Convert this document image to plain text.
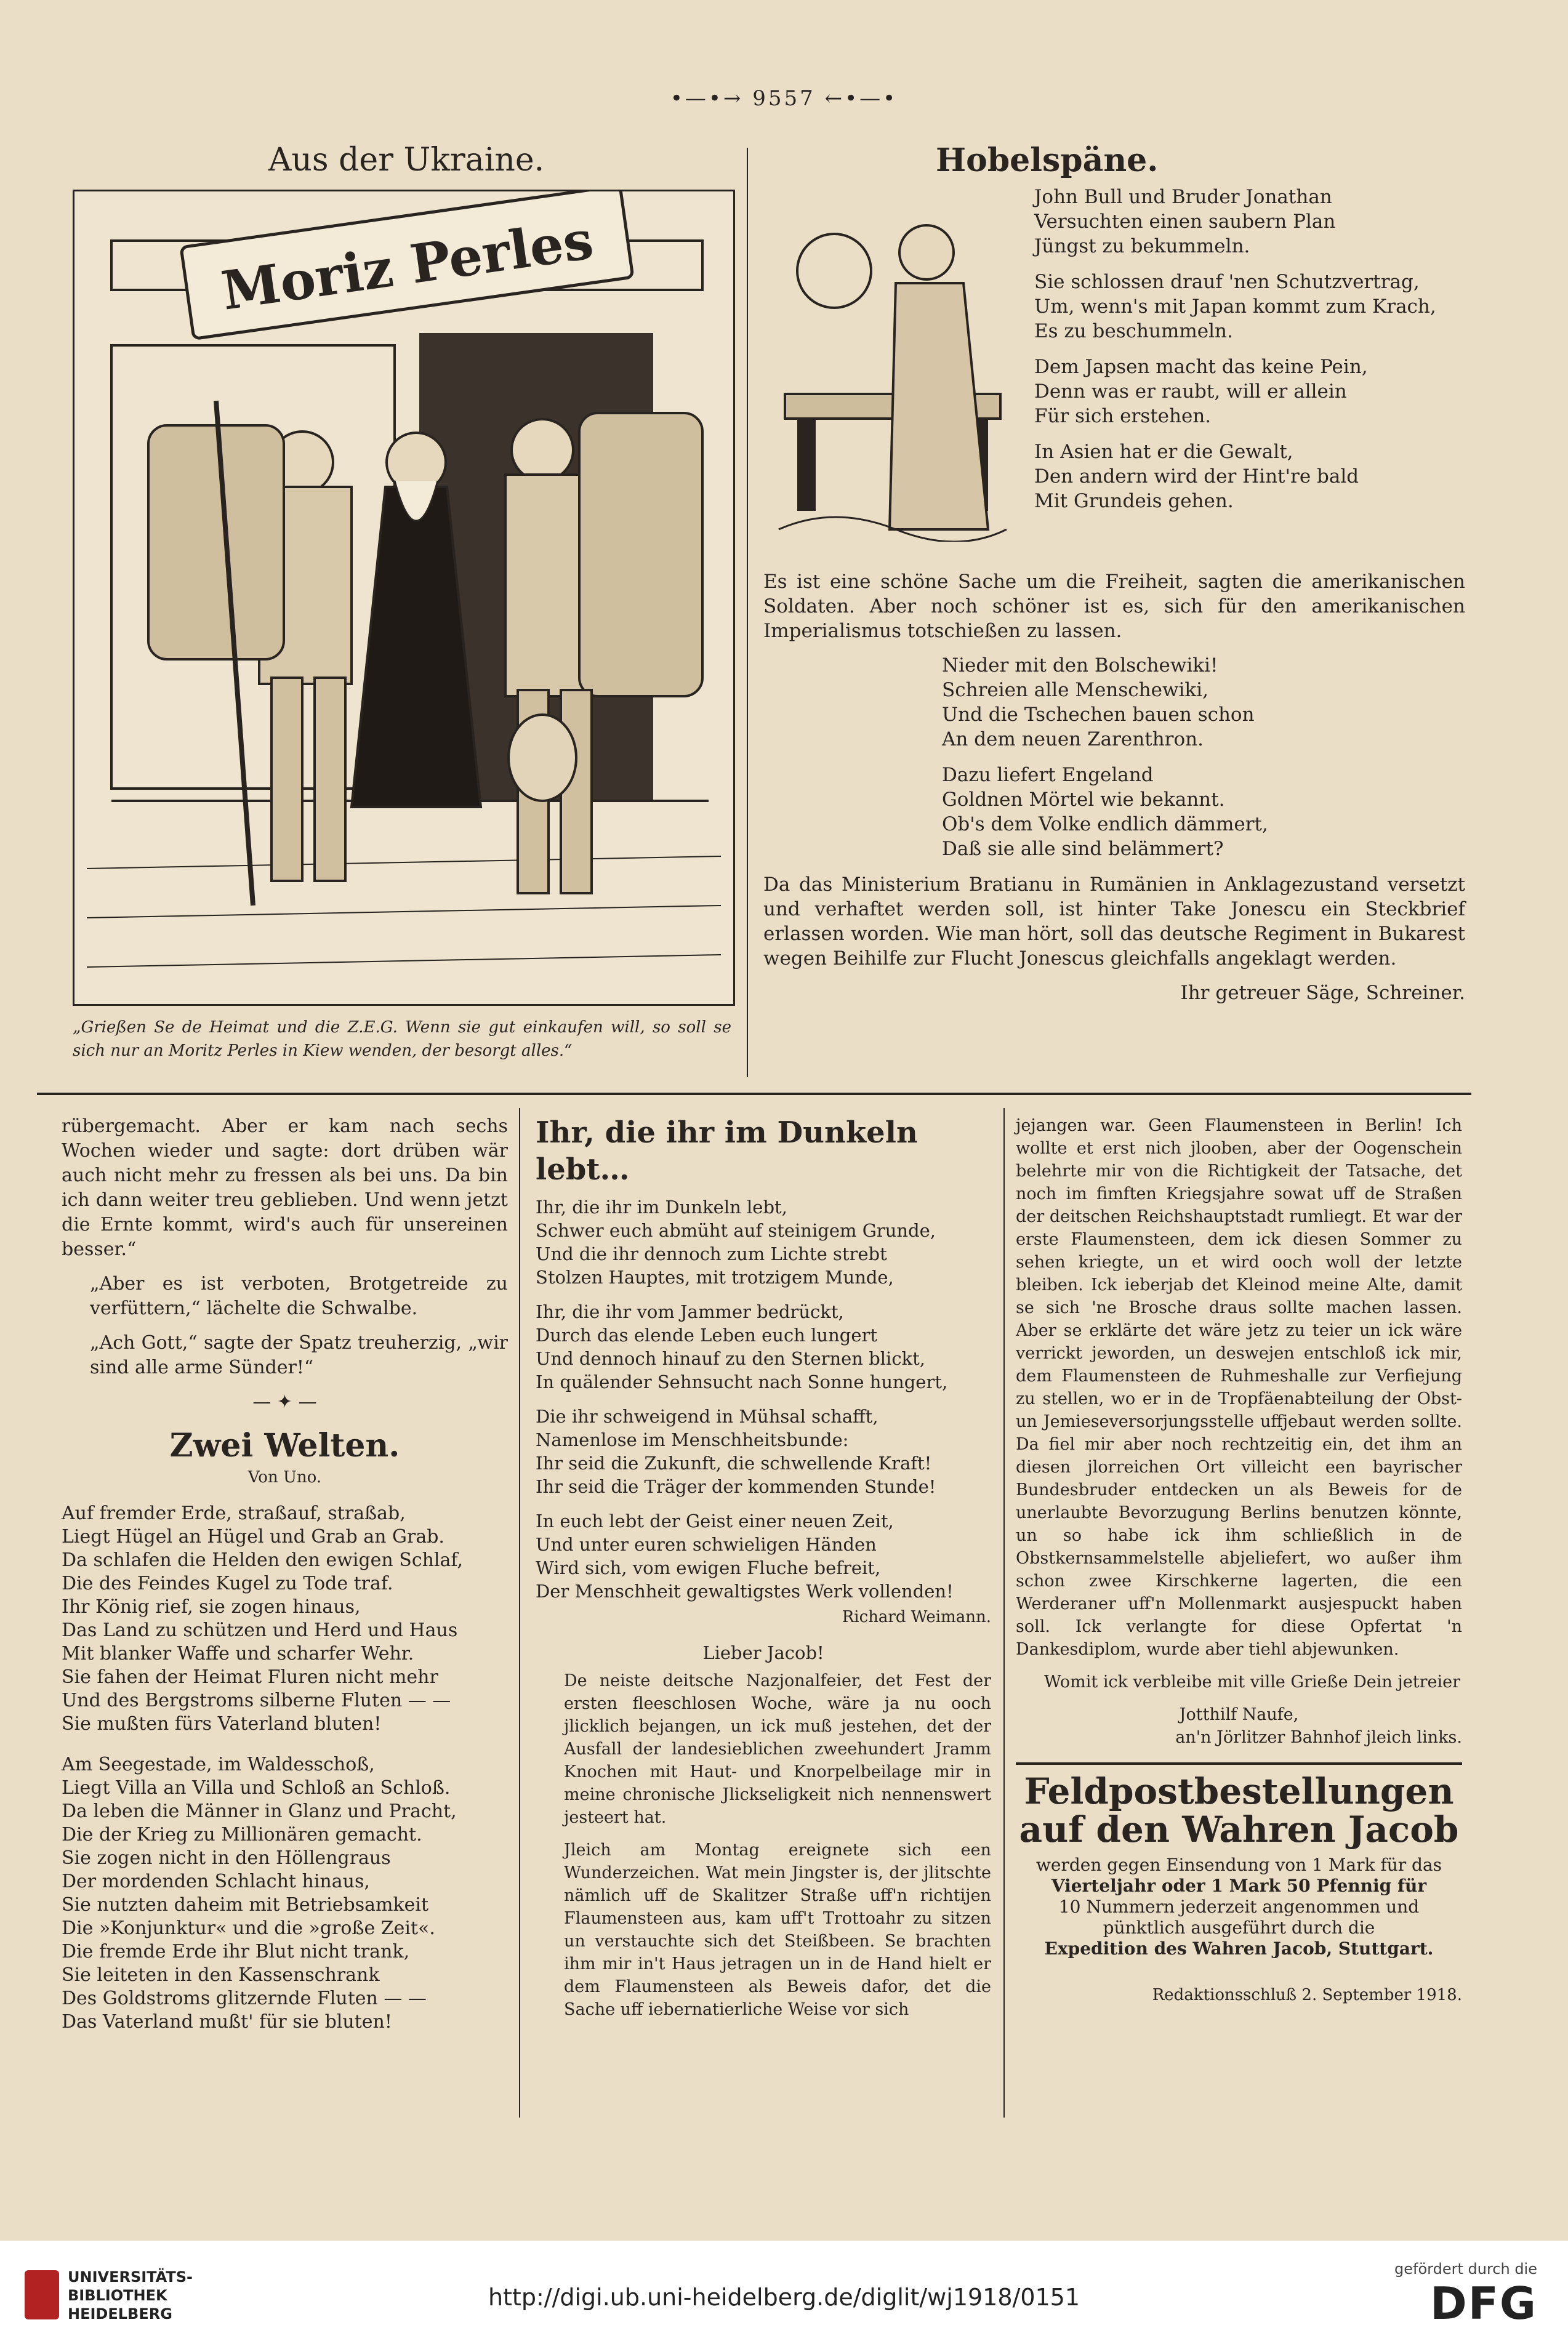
•—•→ 9557 ←•—•
Aus der Ukraine.
Moriz Perles
„Grießen Se de Heimat und die Z.E.G. Wenn sie gut einkaufen will, so soll se sich nur an Moritz Perles in Kiew wenden, der besorgt alles.“
Hobelspäne.
John Bull und Bruder Jonathan
Versuchten einen saubern Plan
Jüngst zu bekummeln.
Sie schlossen drauf 'nen Schutzvertrag,
Um, wenn's mit Japan kommt zum Krach,
Es zu beschummeln.
Dem Japsen macht das keine Pein,
Denn was er raubt, will er allein
Für sich erstehen.
In Asien hat er die Gewalt,
Den andern wird der Hint're bald
Mit Grundeis gehen.

Es ist eine schöne Sache um die Freiheit, sagten die amerikanischen Soldaten. Aber noch schöner ist es, sich für den amerikanischen Imperialismus totschießen zu lassen.

Nieder mit den Bolschewiki!
Schreien alle Menschewiki,
Und die Tschechen bauen schon
An dem neuen Zarenthron.
Dazu liefert Engeland
Goldnen Mörtel wie bekannt.
Ob's dem Volke endlich dämmert,
Daß sie alle sind belämmert?

Da das Ministerium Bratianu in Rumänien in Anklagezustand versetzt und verhaftet werden soll, ist hinter Take Jonescu ein Steckbrief erlassen worden. Wie man hört, soll das deutsche Regiment in Bukarest wegen Beihilfe zur Flucht Jonescus gleichfalls angeklagt werden.

Ihr getreuer Säge, Schreiner.

rübergemacht. Aber er kam nach sechs Wochen wieder und sagte: dort drüben wär auch nicht mehr zu fressen als bei uns. Da bin ich dann weiter treu geblieben. Und wenn jetzt die Ernte kommt, wird's auch für unsereinen besser.“

„Aber es ist verboten, Brotgetreide zu verfüttern,“ lächelte die Schwalbe.

„Ach Gott,“ sagte der Spatz treuherzig, „wir sind alle arme Sünder!“

— ✦ —
Zwei Welten.
Von Uno.
Auf fremder Erde, straßauf, straßab,
Liegt Hügel an Hügel und Grab an Grab.
Da schlafen die Helden den ewigen Schlaf,
Die des Feindes Kugel zu Tode traf.
Ihr König rief, sie zogen hinaus,
Das Land zu schützen und Herd und Haus
Mit blanker Waffe und scharfer Wehr.
Sie fahen der Heimat Fluren nicht mehr
Und des Bergstroms silberne Fluten — —
Sie mußten fürs Vaterland bluten!
Am Seegestade, im Waldesschoß,
Liegt Villa an Villa und Schloß an Schloß.
Da leben die Männer in Glanz und Pracht,
Die der Krieg zu Millionären gemacht.
Sie zogen nicht in den Höllengraus
Der mordenden Schlacht hinaus,
Sie nutzten daheim mit Betriebsamkeit
Die »Konjunktur« und die »große Zeit«.
Die fremde Erde ihr Blut nicht trank,
Sie leiteten in den Kassenschrank
Des Goldstroms glitzernde Fluten — —
Das Vaterland mußt' für sie bluten!
Ihr, die ihr im Dunkeln lebt…
Ihr, die ihr im Dunkeln lebt,
Schwer euch abmüht auf steinigem Grunde,
Und die ihr dennoch zum Lichte strebt
Stolzen Hauptes, mit trotzigem Munde,
Ihr, die ihr vom Jammer bedrückt,
Durch das elende Leben euch lungert
Und dennoch hinauf zu den Sternen blickt,
In quälender Sehnsucht nach Sonne hungert,
Die ihr schweigend in Mühsal schafft,
Namenlose im Menschheitsbunde:
Ihr seid die Zukunft, die schwellende Kraft!
Ihr seid die Träger der kommenden Stunde!
In euch lebt der Geist einer neuen Zeit,
Und unter euren schwieligen Händen
Wird sich, vom ewigen Fluche befreit,
Der Menschheit gewaltigstes Werk vollenden!
Richard Weimann.
Lieber Jacob!

De neiste deitsche Nazjonalfeier, det Fest der ersten fleeschlosen Woche, wäre ja nu ooch jlicklich bejangen, un ick muß jestehen, det der Ausfall der landesieblichen zweehundert Jramm Knochen mit Haut- und Knorpelbeilage mir in meine chronische Jlickseligkeit nich nennenswert jesteert hat.

Jleich am Montag ereignete sich een Wunderzeichen. Wat mein Jingster is, der jlitschte nämlich uff de Skalitzer Straße uff'n richtijen Flaumensteen aus, kam uff't Trottoahr zu sitzen un verstauchte sich det Steißbeen. Se brachten ihm mir in't Haus jetragen un in de Hand hielt er dem Flaumensteen als Beweis dafor, det die Sache uff iebernatierliche Weise vor sich

jejangen war. Geen Flaumensteen in Berlin! Ich wollte et erst nich jlooben, aber der Oogenschein belehrte mir von die Richtigkeit der Tatsache, det noch im fimften Kriegsjahre sowat uff de Straßen der deitschen Reichshauptstadt rumliegt. Et war der erste Flaumensteen, dem ick diesen Sommer zu sehen kriegte, un et wird ooch woll der letzte bleiben. Ick ieberjab det Kleinod meine Alte, damit se sich 'ne Brosche draus sollte machen lassen. Aber se erklärte det wäre jetz zu teier un ick wäre verrickt jeworden, un deswejen entschloß ick mir, dem Flaumensteen de Ruhmeshalle zur Verfiejung zu stellen, wo er in de Tropfäenabteilung der Obst- un Jemieseversorjungsstelle uffjebaut werden sollte. Da fiel mir aber noch rechtzeitig ein, det ihm an diesen jlorreichen Ort villeicht een bayrischer Bundesbruder entdecken un als Beweis for de unerlaubte Bevorzugung Berlins benutzen könnte, un so habe ick ihm schließlich in de Obstkernsammelstelle abjeliefert, wo außer ihm schon zwee Kirschkerne lagerten, die een Werderaner uff'n Mollenmarkt ausjespuckt haben soll. Ick verlangte for diese Opfertat 'n Dankesdiplom, wurde aber tiehl abjewunken.

Womit ick verbleibe mit ville Grieße Dein jetreier

Jotthilf Naufe,
an'n Jörlitzer Bahnhof jleich links.
Feldpostbestellungen
auf den Wahren Jacob
werden gegen Einsendung von 1 Mark für das
Vierteljahr oder 1 Mark 50 Pfennig für
10 Nummern jederzeit angenommen und
pünktlich ausgeführt durch die
Expedition des Wahren Jacob, Stuttgart.
Redaktionsschluß 2. September 1918.
UNIVERSITÄTS-
BIBLIOTHEK
HEIDELBERG
http://digi.ub.uni-heidelberg.de/diglit/wj1918/0151
gefördert durch die
DFG
